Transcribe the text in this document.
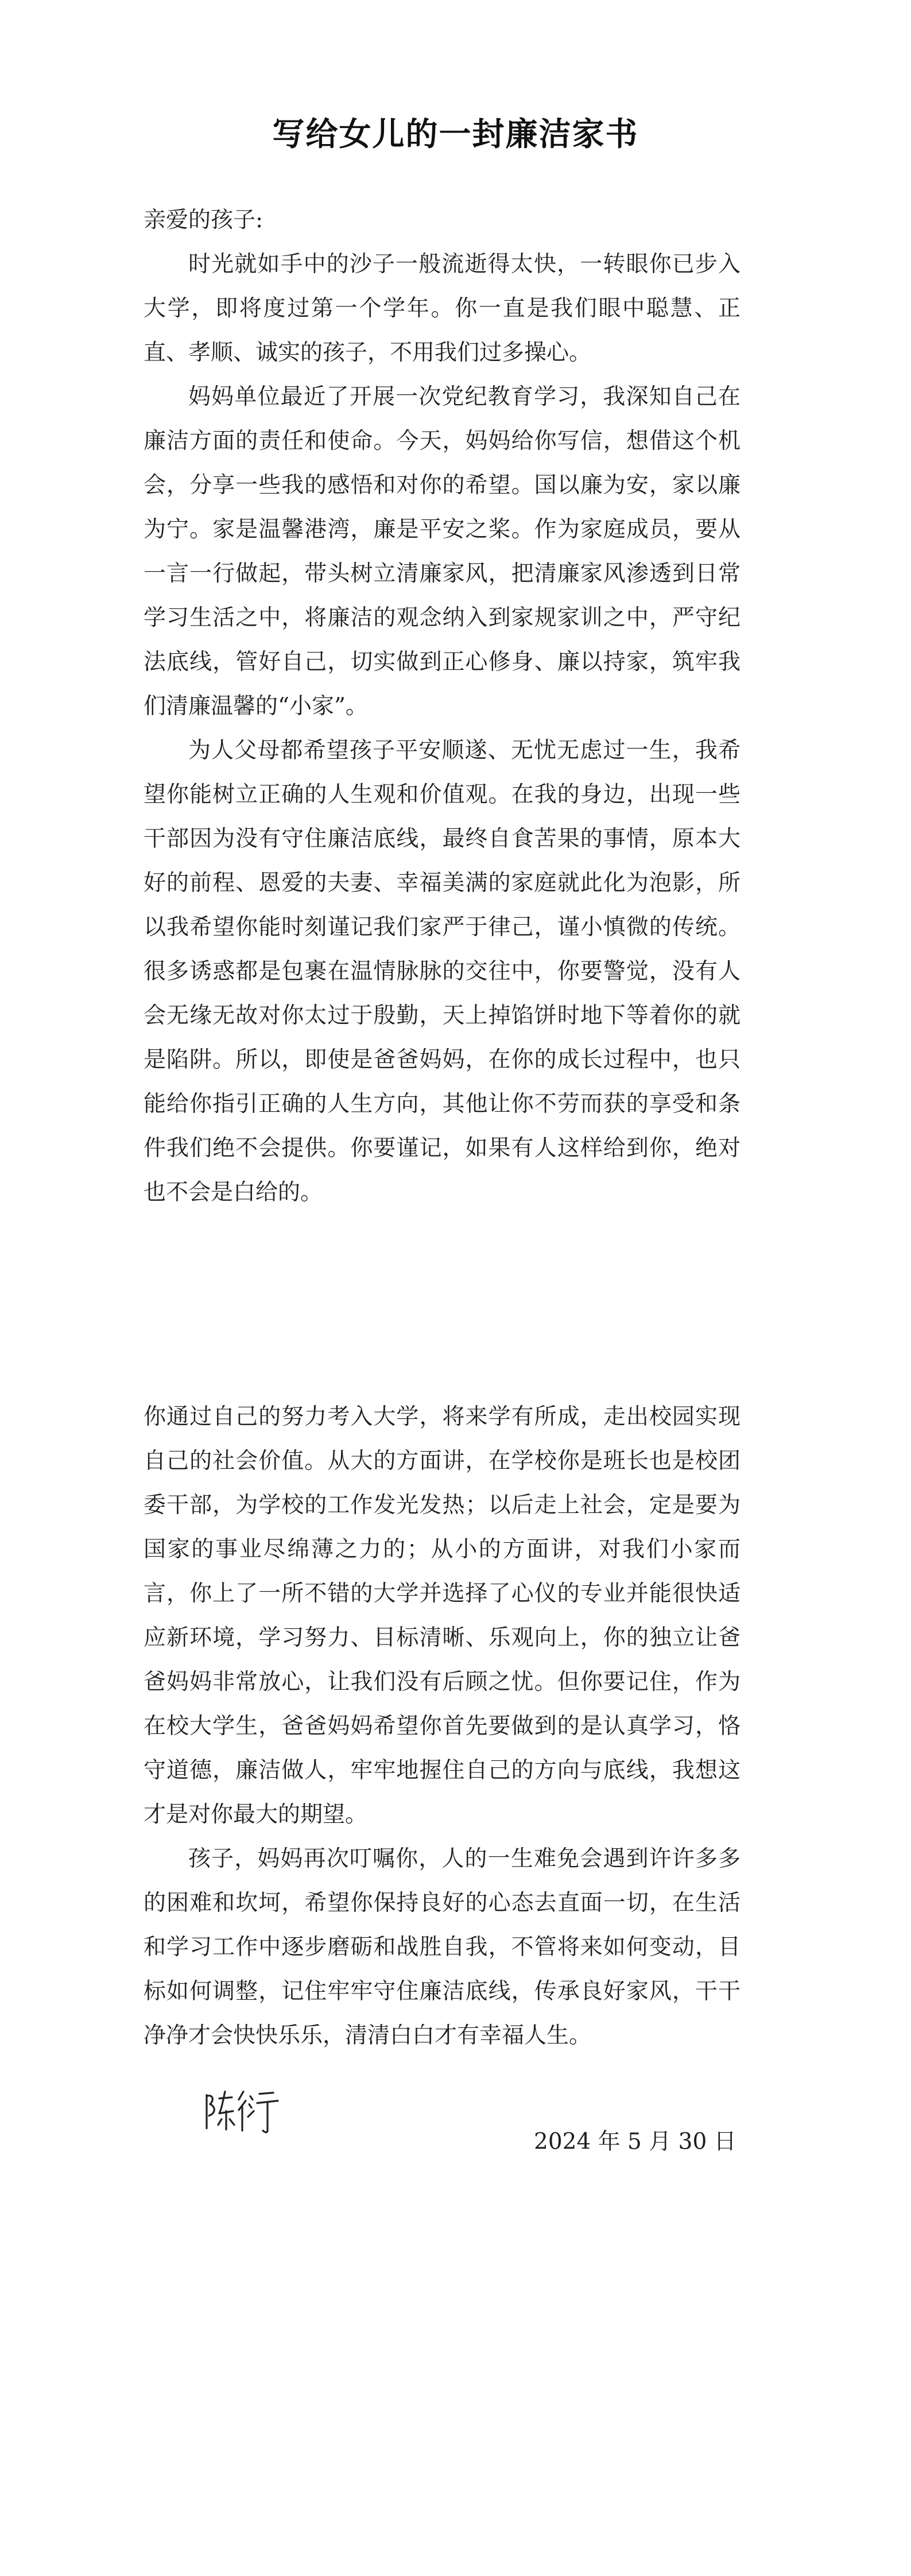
写给女儿的一封廉洁家书

亲爱的孩子:

时光就如手中的沙子一般流逝得太快，一转眼你已步入大学，即将度过第一个学年。你一直是我们眼中聪慧、正直、孝顺、诚实的孩子，不用我们过多操心。

妈妈单位最近了开展一次党纪教育学习，我深知自己在廉洁方面的责任和使命。今天，妈妈给你写信，想借这个机会，分享一些我的感悟和对你的希望。国以廉为安，家以廉为宁。家是温馨港湾，廉是平安之桨。作为家庭成员，要从一言一行做起，带头树立清廉家风，把清廉家风渗透到日常学习生活之中，将廉洁的观念纳入到家规家训之中，严守纪法底线，管好自己，切实做到正心修身、廉以持家，筑牢我们清廉温馨的“小家”。

为人父母都希望孩子平安顺遂、无忧无虑过一生，我希望你能树立正确的人生观和价值观。在我的身边，出现一些干部因为没有守住廉洁底线，最终自食苦果的事情，原本大好的前程、恩爱的夫妻、幸福美满的家庭就此化为泡影，所以我希望你能时刻谨记我们家严于律己，谨小慎微的传统。很多诱惑都是包裹在温情脉脉的交往中，你要警觉，没有人会无缘无故对你太过于殷勤，天上掉馅饼时地下等着你的就是陷阱。所以，即使是爸爸妈妈，在你的成长过程中，也只能给你指引正确的人生方向，其他让你不劳而获的享受和条件我们绝不会提供。你要谨记，如果有人这样给到你，绝对也不会是白给的。

你通过自己的努力考入大学，将来学有所成，走出校园实现自己的社会价值。从大的方面讲，在学校你是班长也是校团委干部，为学校的工作发光发热；以后走上社会，定是要为国家的事业尽绵薄之力的；从小的方面讲，对我们小家而言，你上了一所不错的大学并选择了心仪的专业并能很快适应新环境，学习努力、目标清晰、乐观向上，你的独立让爸爸妈妈非常放心，让我们没有后顾之忧。但你要记住，作为在校大学生，爸爸妈妈希望你首先要做到的是认真学习，恪守道德，廉洁做人，牢牢地握住自己的方向与底线，我想这才是对你最大的期望。

孩子，妈妈再次叮嘱你，人的一生难免会遇到许许多多的困难和坎坷，希望你保持良好的心态去直面一切，在生活和学习工作中逐步磨砺和战胜自我，不管将来如何变动，目标如何调整，记住牢牢守住廉洁底线，传承良好家风，干干净净才会快快乐乐，清清白白才有幸福人生。

2024 年 5 月 30 日
